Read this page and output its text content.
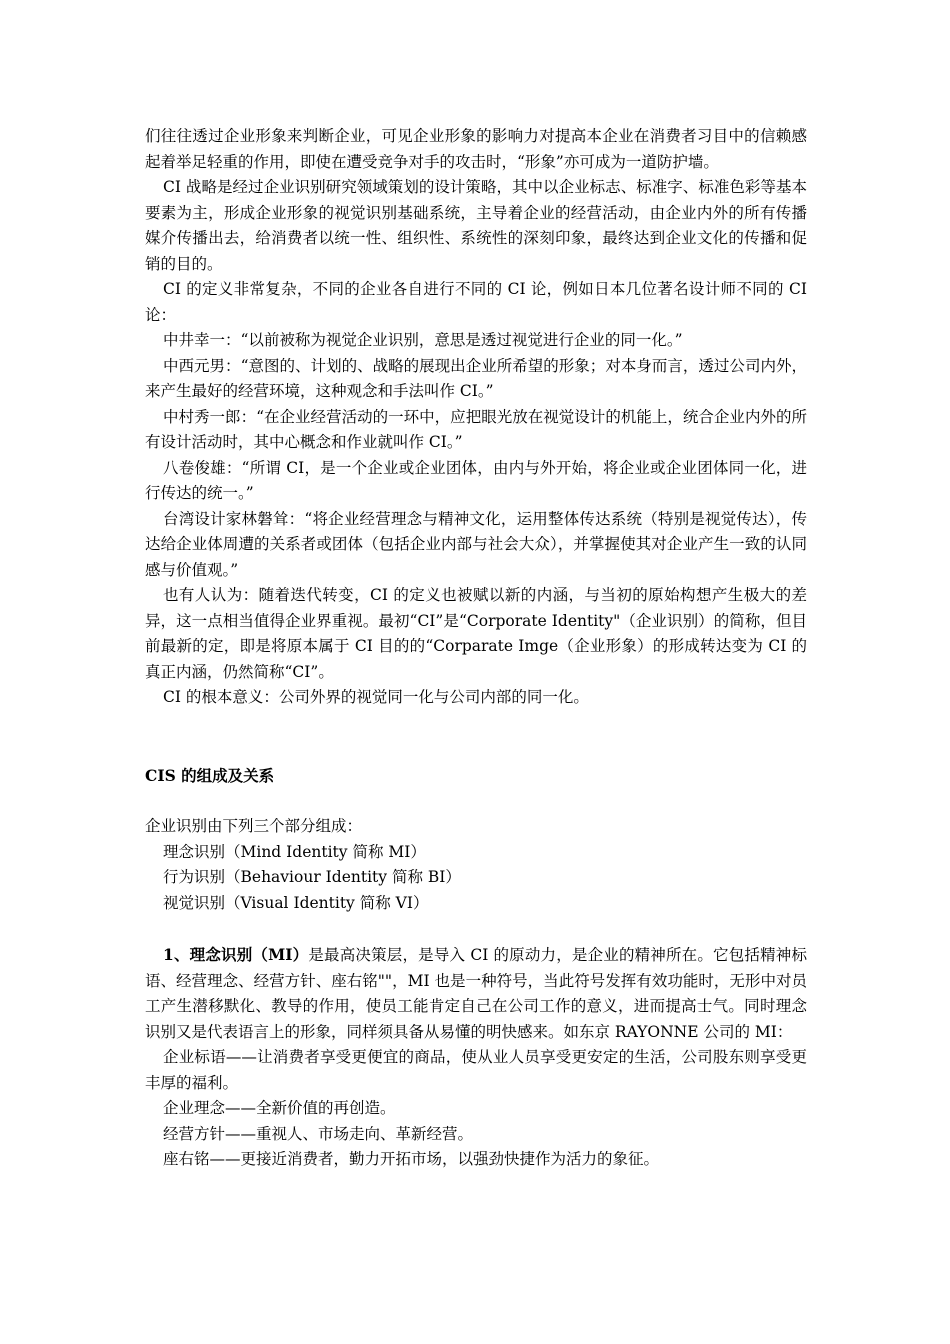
们往往透过企业形象来判断企业，可见企业形象的影响力对提高本企业在消费者习目中的信赖感起着举足轻重的作用，即使在遭受竞争对手的攻击时，“形象”亦可成为一道防护墙。

CI 战略是经过企业识别研究领域策划的设计策略，其中以企业标志、标准字、标准色彩等基本要素为主，形成企业形象的视觉识别基础系统，主导着企业的经营活动，由企业内外的所有传播媒介传播出去，给消费者以统一性、组织性、系统性的深刻印象，最终达到企业文化的传播和促销的目的。

CI 的定义非常复杂，不同的企业各自进行不同的 CI 论，例如日本几位著名设计师不同的 CI 论：

中井幸一：“以前被称为视觉企业识别，意思是透过视觉进行企业的同一化。”

中西元男：“意图的、计划的、战略的展现出企业所希望的形象；对本身而言，透过公司内外，来产生最好的经营环境，这种观念和手法叫作 CI。”

中村秀一郎：“在企业经营活动的一环中，应把眼光放在视觉设计的机能上，统合企业内外的所有设计活动时，其中心概念和作业就叫作 CI。”

八卷俊雄：“所谓 CI，是一个企业或企业团体，由内与外开始，将企业或企业团体同一化，进行传达的统一。”

台湾设计家林磐耸：“将企业经营理念与精神文化，运用整体传达系统（特别是视觉传达），传达给企业体周遭的关系者或团体（包括企业内部与社会大众），并掌握使其对企业产生一致的认同感与价值观。”

也有人认为：随着迭代转变，CI 的定义也被赋以新的内涵，与当初的原始构想产生极大的差异，这一点相当值得企业界重视。最初“CI”是“Corporate Identity"（企业识别）的简称，但目前最新的定，即是将原本属于 CI 目的的“Corparate Imge（企业形象）的形成转达变为 CI 的真正内涵，仍然简称“CI”。

CI 的根本意义：公司外界的视觉同一化与公司内部的同一化。

CIS 的组成及关系

企业识别由下列三个部分组成：

理念识别（Mind Identity 简称 MI）

行为识别（Behaviour Identity 简称 BI）

视觉识别（Visual Identity 简称 VI）

1、理念识别（MI）是最高决策层，是导入 CI 的原动力，是企业的精神所在。它包括精神标语、经营理念、经营方针、座右铭""，MI 也是一种符号，当此符号发挥有效功能时，无形中对员工产生潜移默化、教导的作用，使员工能肯定自己在公司工作的意义，进而提高士气。同时理念识别又是代表语言上的形象，同样须具备从易懂的明快感来。如东京 RAYONNE 公司的 MI：

企业标语——让消费者享受更便宜的商品，使从业人员享受更安定的生活，公司股东则享受更丰厚的福利。

企业理念——全新价值的再创造。

经营方针——重视人、市场走向、革新经营。

座右铭——更接近消费者，勤力开拓市场，以强劲快捷作为活力的象征。
